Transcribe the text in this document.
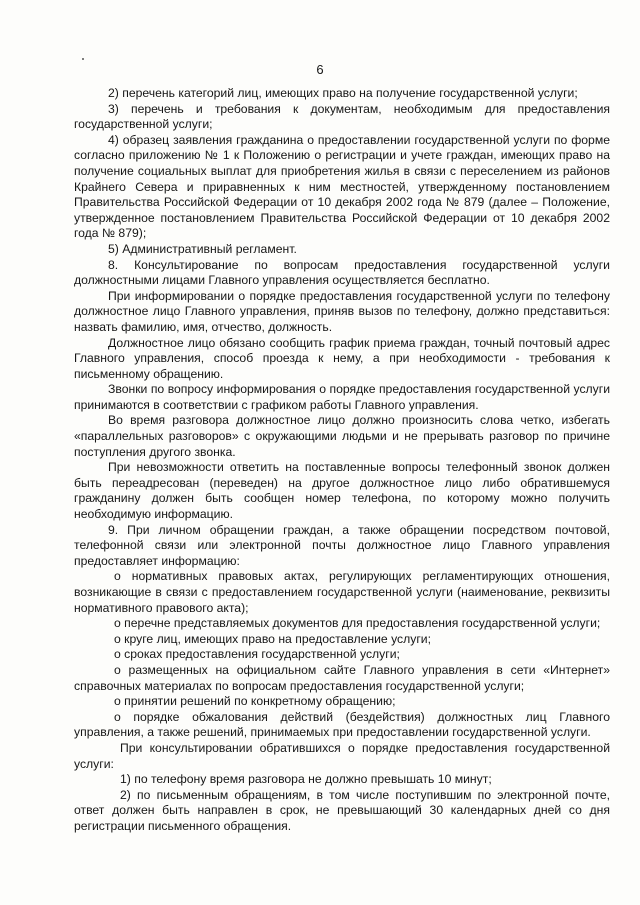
6

2) перечень категорий лиц, имеющих право на получение государственной услуги;

3) перечень и требования к документам, необходимым для предоставления государственной услуги;

4) образец заявления гражданина о предоставлении государственной услуги по форме согласно приложению № 1 к Положению о регистрации и учете граждан, имеющих право на получение социальных выплат для приобретения жилья в связи с переселением из районов Крайнего Севера и приравненных к ним местностей, утвержденному постановлением Правительства Российской Федерации от 10 декабря 2002 года № 879 (далее – Положение, утвержденное постановлением Правительства Российской Федерации от 10 декабря 2002 года № 879);

5) Административный регламент.

8. Консультирование по вопросам предоставления государственной услуги должностными лицами Главного управления осуществляется бесплатно.

При информировании о порядке предоставления государственной услуги по телефону должностное лицо Главного управления, приняв вызов по телефону, должно представиться: назвать фамилию, имя, отчество, должность.

Должностное лицо обязано сообщить график приема граждан, точный почтовый адрес Главного управления, способ проезда к нему, а при необходимости - требования к письменному обращению.

Звонки по вопросу информирования о порядке предоставления государственной услуги принимаются в соответствии с графиком работы Главного управления.

Во время разговора должностное лицо должно произносить слова четко, избегать «параллельных разговоров» с окружающими людьми и не прерывать разговор по причине поступления другого звонка.

При невозможности ответить на поставленные вопросы телефонный звонок должен быть переадресован (переведен) на другое должностное лицо либо обратившемуся гражданину должен быть сообщен номер телефона, по которому можно получить необходимую информацию.

9. При личном обращении граждан, а также обращении посредством почтовой, телефонной связи или электронной почты должностное лицо Главного управления предоставляет информацию:

о нормативных правовых актах, регулирующих регламентирующих отношения, возникающие в связи с предоставлением государственной услуги (наименование, реквизиты нормативного правового акта);

о перечне представляемых документов для предоставления государственной услуги;

о круге лиц, имеющих право на предоставление услуги;

о сроках предоставления государственной услуги;

о размещенных на официальном сайте Главного управления в сети «Интернет» справочных материалах по вопросам предоставления государственной услуги;

о принятии решений по конкретному обращению;

о порядке обжалования действий (бездействия) должностных лиц Главного управления, а также решений, принимаемых при предоставлении государственной услуги.

При консультировании обратившихся о порядке предоставления государственной услуги:

1) по телефону время разговора не должно превышать 10 минут;

2) по письменным обращениям, в том числе поступившим по электронной почте, ответ должен быть направлен в срок, не превышающий 30 календарных дней со дня регистрации письменного обращения.
